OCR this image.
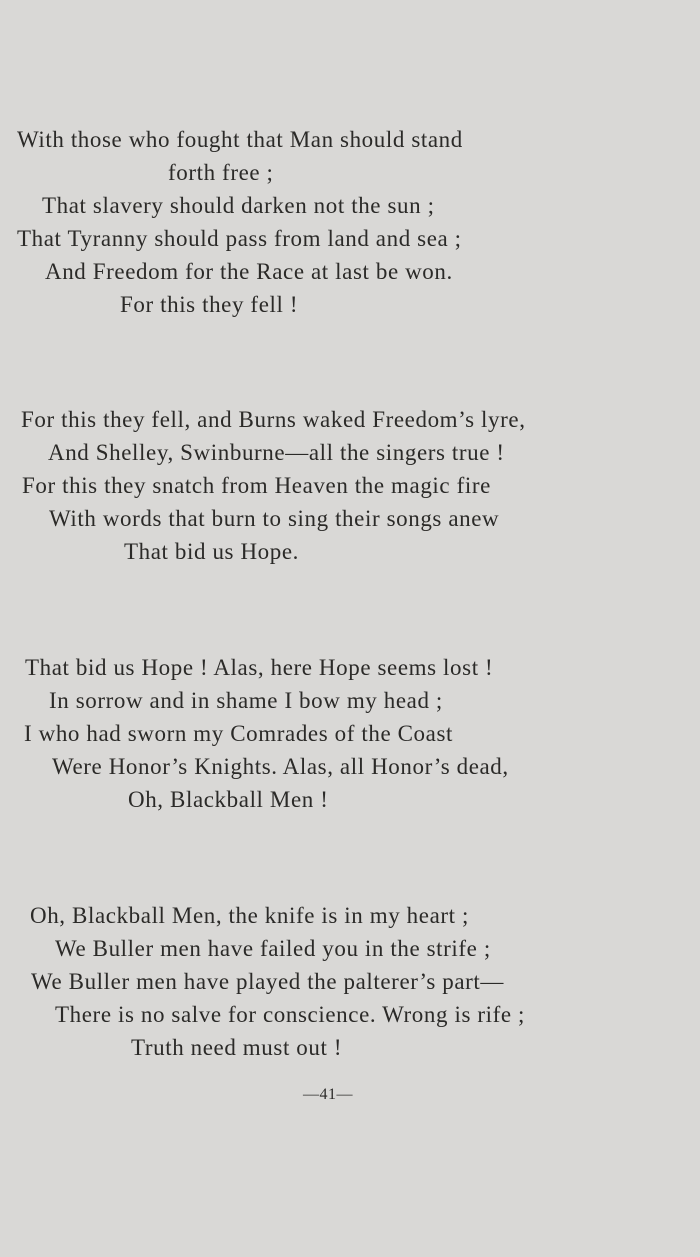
With those who fought that Man should stand
forth free ;
That slavery should darken not the sun ;
That Tyranny should pass from land and sea ;
And Freedom for the Race at last be won.
For this they fell !
For this they fell, and Burns waked Freedom’s lyre,
And Shelley, Swinburne—all the singers true !
For this they snatch from Heaven the magic fire
With words that burn to sing their songs anew
That bid us Hope.
That bid us Hope ! Alas, here Hope seems lost !
In sorrow and in shame I bow my head ;
I who had sworn my Comrades of the Coast
Were Honor’s Knights. Alas, all Honor’s dead,
Oh, Blackball Men !
Oh, Blackball Men, the knife is in my heart ;
We Buller men have failed you in the strife ;
We Buller men have played the palterer’s part—
There is no salve for conscience. Wrong is rife ;
Truth need must out !
—41—
